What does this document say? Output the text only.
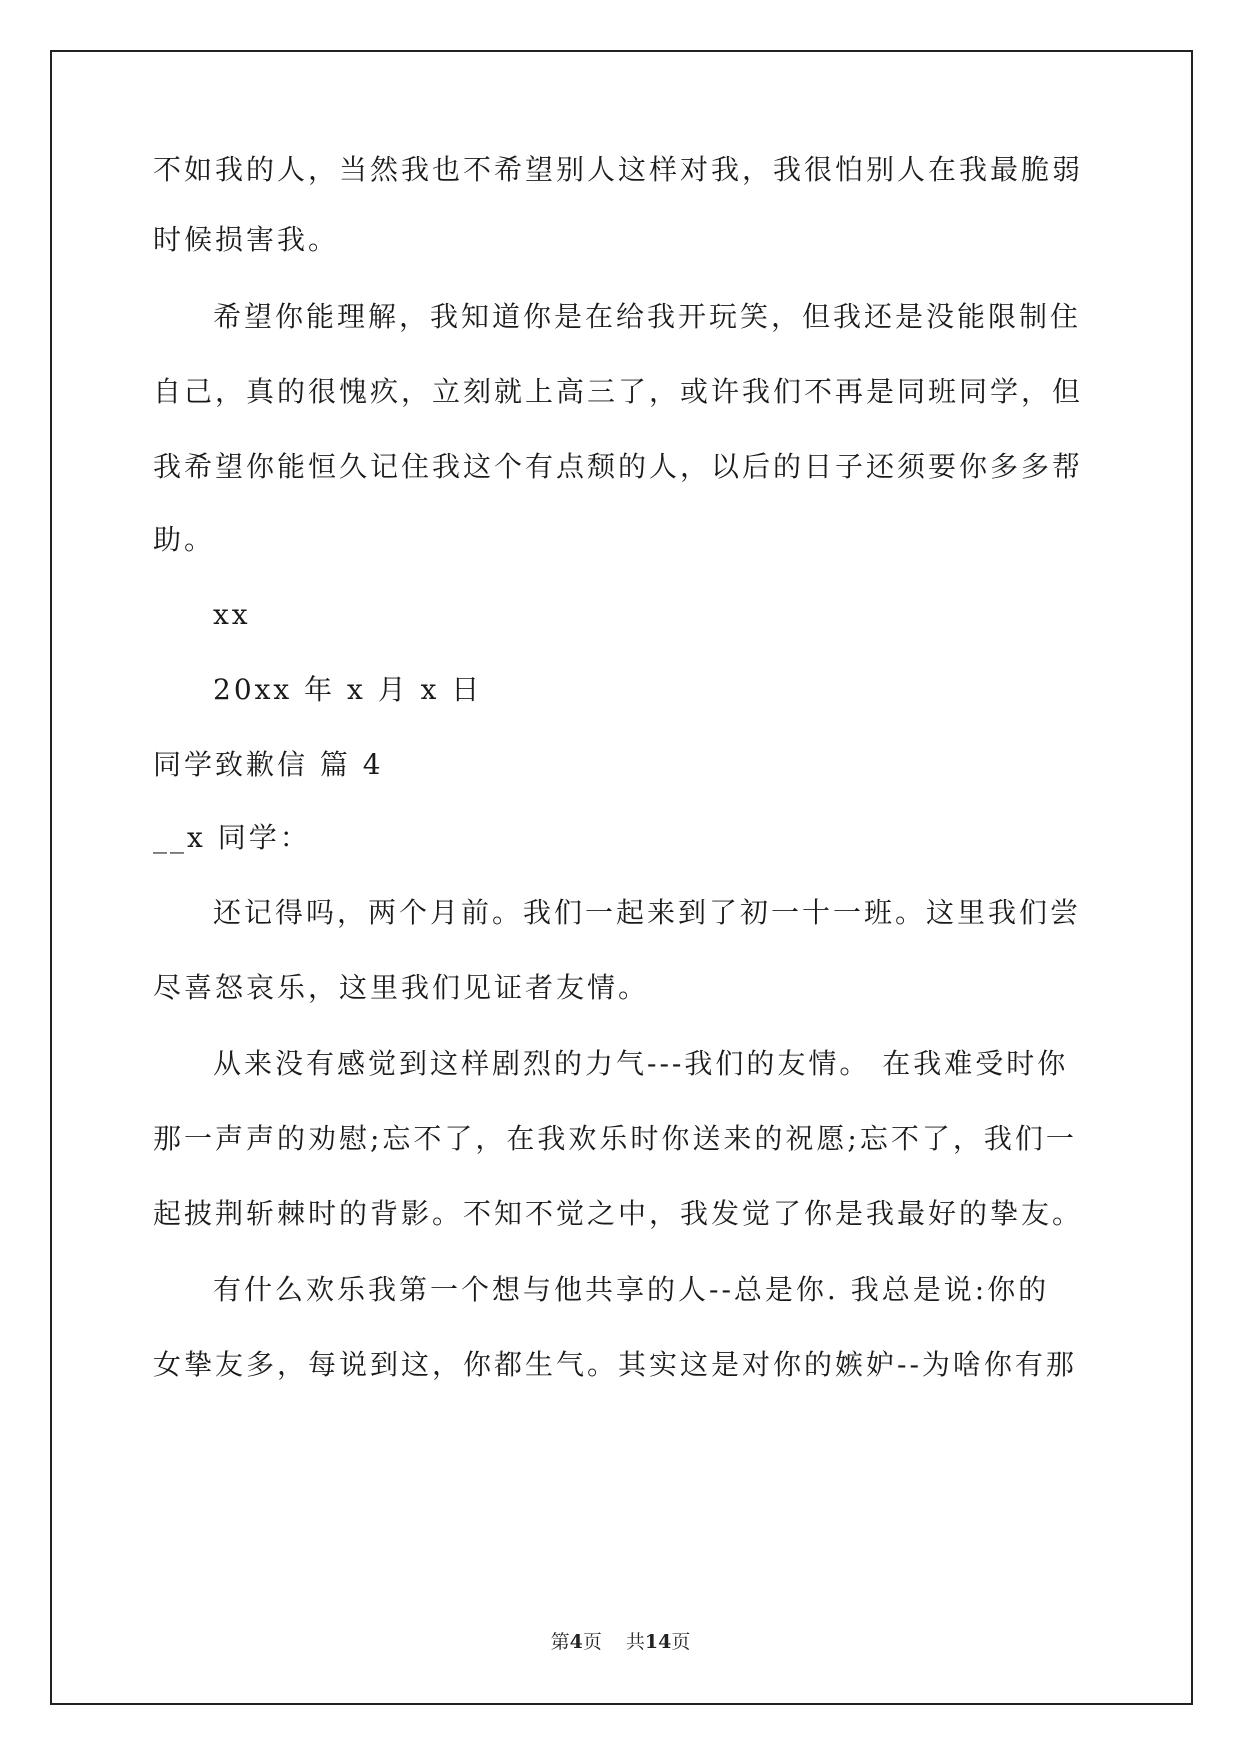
不如我的人，当然我也不希望别人这样对我，我很怕别人在我最脆弱
时候损害我。
希望你能理解，我知道你是在给我开玩笑，但我还是没能限制住
自己，真的很愧疚，立刻就上高三了，或许我们不再是同班同学，但
我希望你能恒久记住我这个有点颓的人，以后的日子还须要你多多帮
助。
xx
20xx 年 x 月 x 日
同学致歉信 篇 4
__x 同学：
还记得吗，两个月前。我们一起来到了初一十一班。这里我们尝
尽喜怒哀乐，这里我们见证者友情。
从来没有感觉到这样剧烈的力气---我们的友情。 在我难受时你
那一声声的劝慰;忘不了，在我欢乐时你送来的祝愿;忘不了，我们一
起披荆斩棘时的背影。不知不觉之中，我发觉了你是我最好的挚友。
有什么欢乐我第一个想与他共享的人--总是你. 我总是说:你的
女挚友多，每说到这，你都生气。其实这是对你的嫉妒--为啥你有那
第4页 共14页
